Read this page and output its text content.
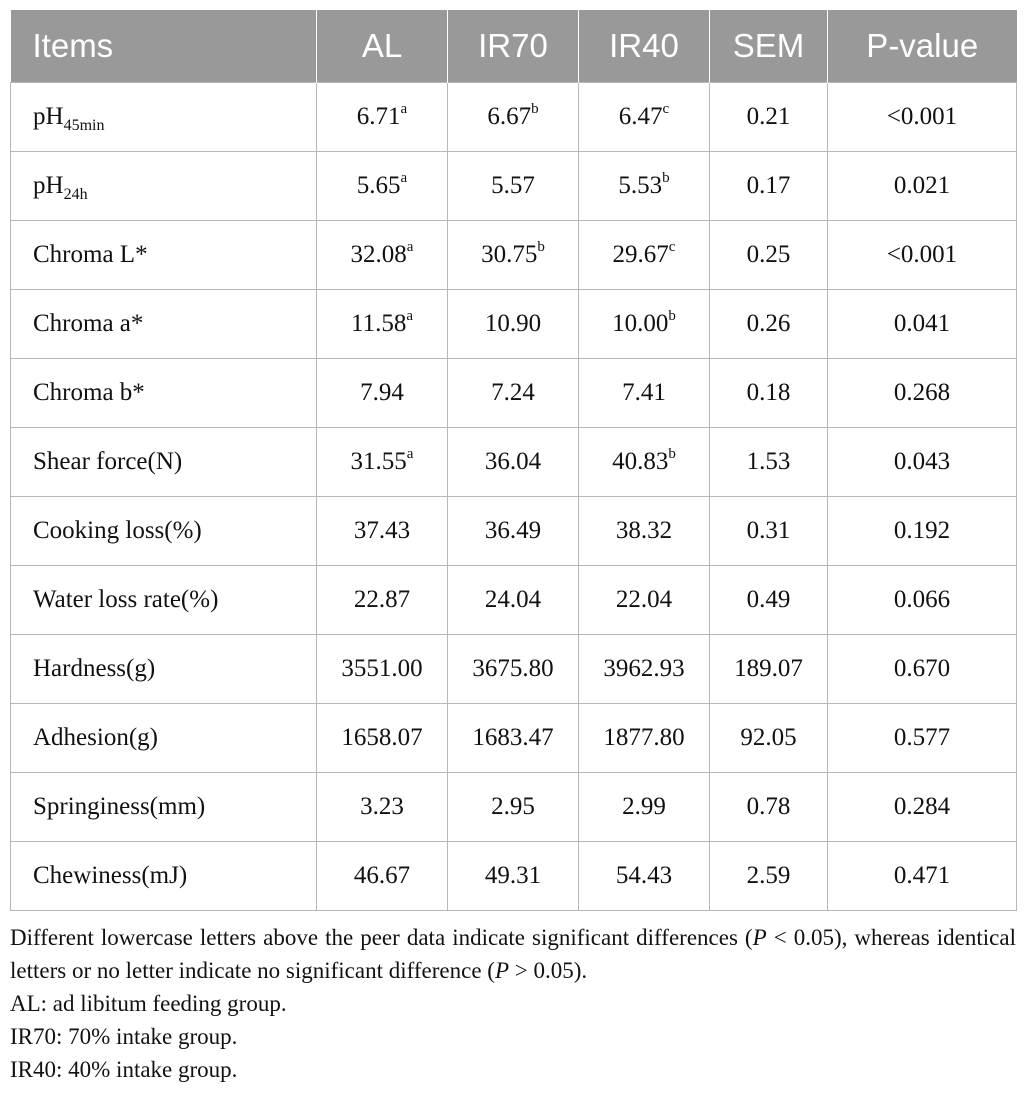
Items	AL	IR70	IR40	SEM	P-value
$pH_{45min}$	6.71$^a$	6.67$^b$	6.47$^c$	0.21	<0.001
$pH_{24h}$	5.65$^a$	5.57	5.53$^b$	0.17	0.021
Chroma L*	32.08$^a$	30.75$^b$	29.67$^c$	0.25	<0.001
Chroma a*	11.58$^a$	10.90	10.00$^b$	0.26	0.041
Chroma b*	7.94	7.24	7.41	0.18	0.268
Shear force(N)	31.55$^a$	36.04	40.83$^b$	1.53	0.043
Cooking loss(%)	37.43	36.49	38.32	0.31	0.192
Water loss rate(%)	22.87	24.04	22.04	0.49	0.066
Hardness(g)	3551.00	3675.80	3962.93	189.07	0.670
Adhesion(g)	1658.07	1683.47	1877.80	92.05	0.577
Springiness(mm)	3.23	2.95	2.99	0.78	0.284
Chewiness(mJ)	46.67	49.31	54.43	2.59	0.471

Different lowercase letters above the peer data indicate significant differences (P < 0.05), whereas identical letters or no letter indicate no significant difference (P > 0.05).

AL: ad libitum feeding group.

IR70: 70% intake group.

IR40: 40% intake group.
